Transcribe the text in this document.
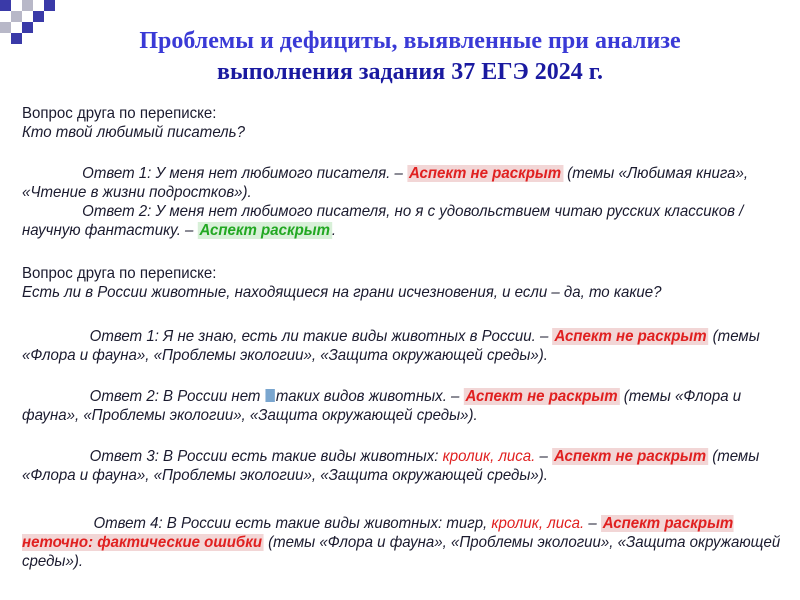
Проблемы и дефициты, выявленные при анализе
выполнения задания 37 ЕГЭ 2024 г.
Вопрос друга по переписке:
Кто твой любимый писатель?
Ответ 1: У меня нет любимого писателя. – Аспект не раскрыт (темы «Любимая книга», «Чтение в жизни подростков»).
Ответ 2: У меня нет любимого писателя, но я с удовольствием читаю русских классиков / научную фантастику. – Аспект раскрыт .
Вопрос друга по переписке:
Есть ли в России животные, находящиеся на грани исчезновения, и если – да, то какие?
Ответ 1: Я не знаю, есть ли такие виды животных в России. – Аспект не раскрыт (темы «Флора и фауна», «Проблемы экологии», «Защита окружающей среды»).
Ответ 2: В России нет таких видов животных. – Аспект не раскрыт (темы «Флора и фауна», «Проблемы экологии», «Защита окружающей среды»).
Ответ 3: В России есть такие виды животных: кролик, лиса. – Аспект не раскрыт (темы «Флора и фауна», «Проблемы экологии», «Защита окружающей среды»).
Ответ 4: В России есть такие виды животных: тигр, кролик, лиса. – Аспект раскрыт неточно: фактические ошибки (темы «Флора и фауна», «Проблемы экологии», «Защита окружающей среды»).
